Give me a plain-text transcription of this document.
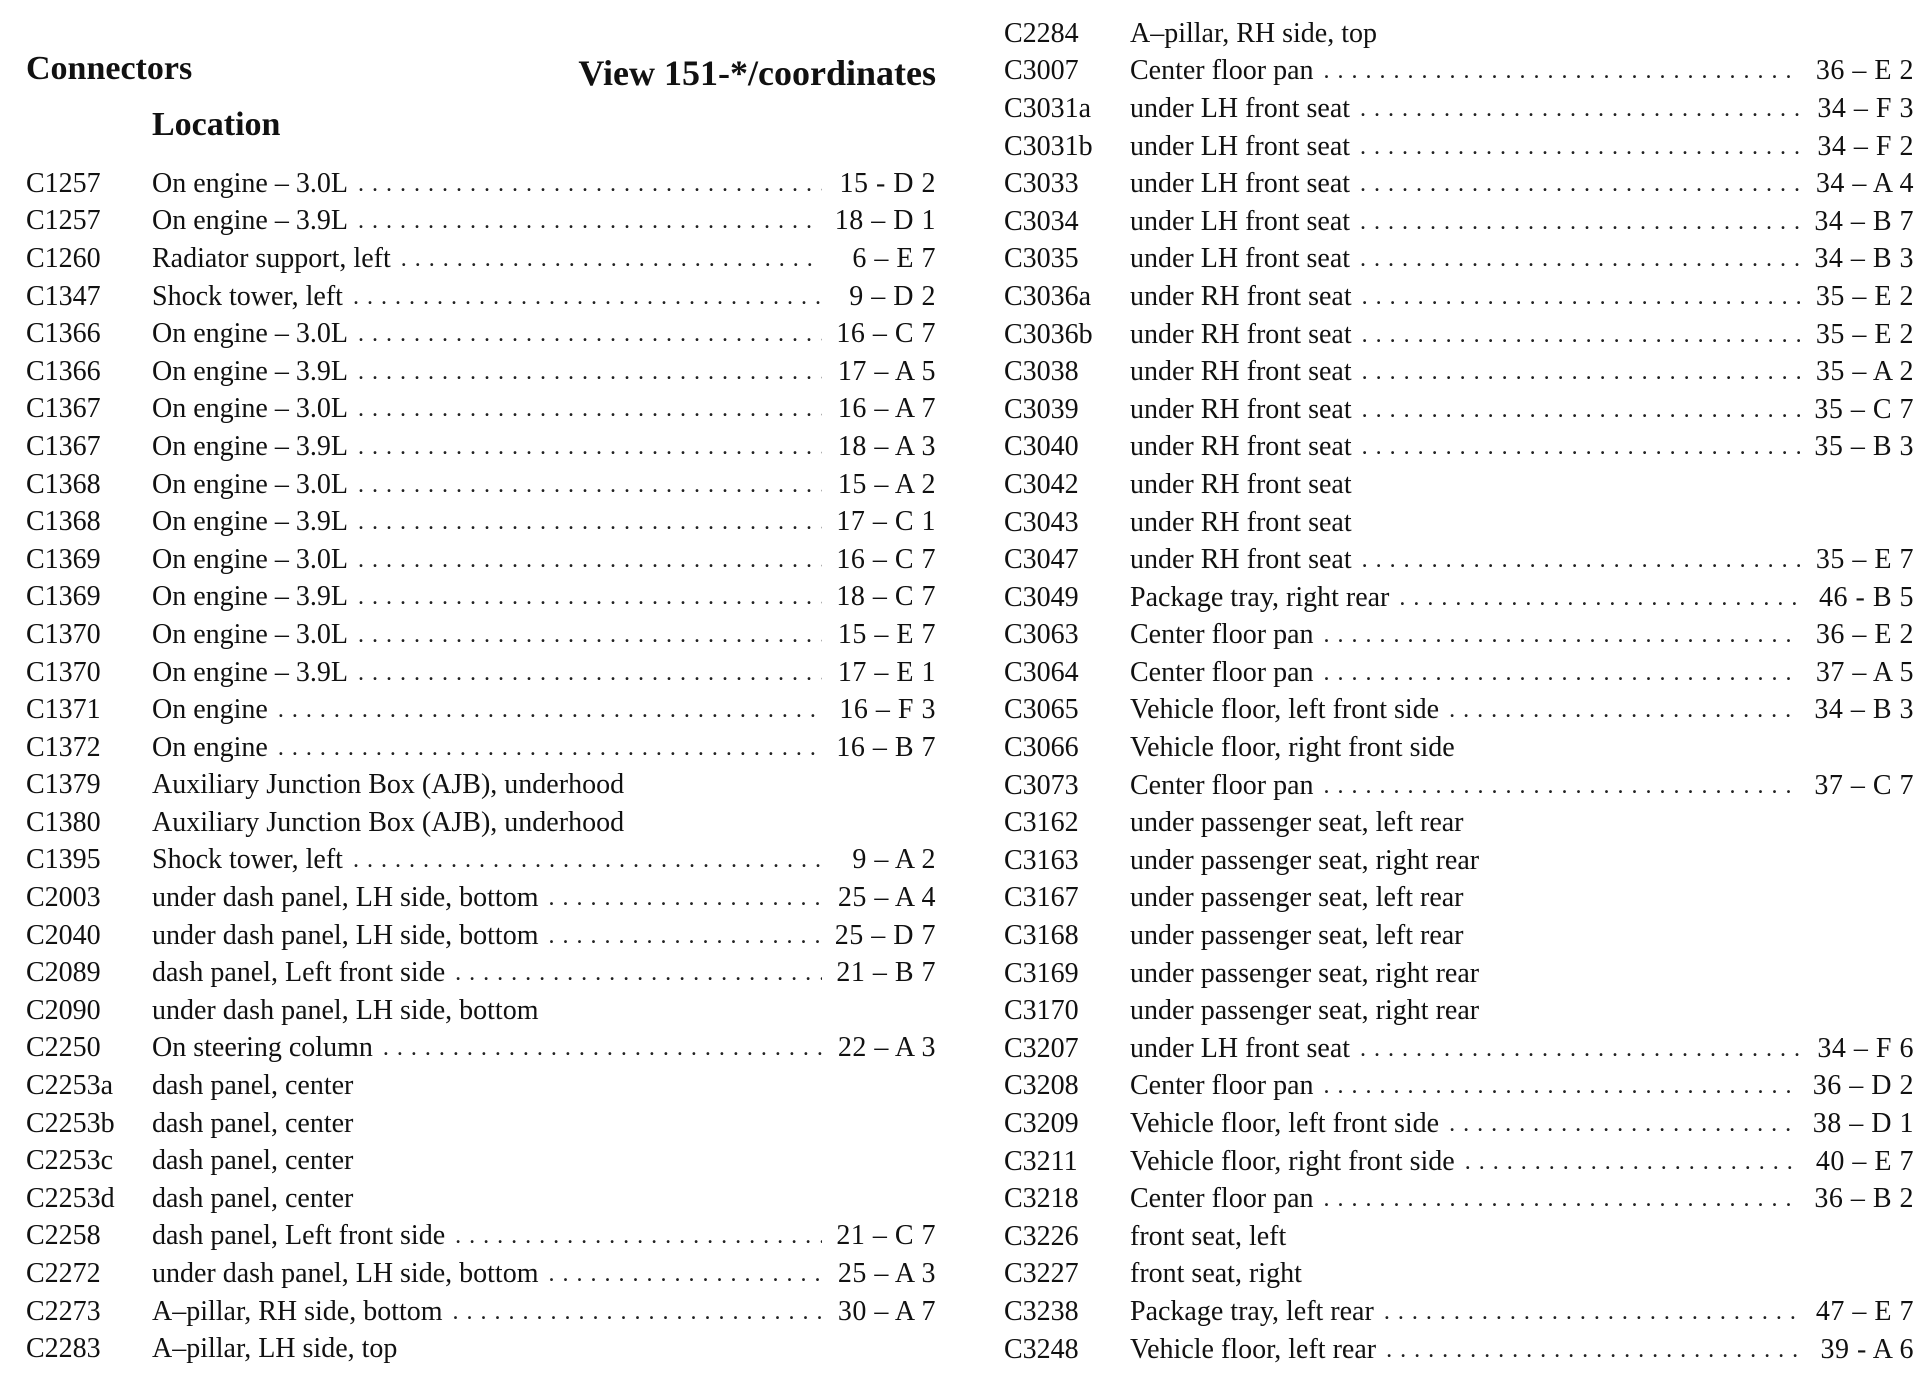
Connectors	View 151-*/coordinates
Location
C1257	On engine – 3.0L . . .	15 - D 2
C1257	On engine – 3.9L . . .	18 – D 1
C1260	Radiator support, left . . .	6 – E 7
C1347	Shock tower, left . . .	9 – D 2
C1366	On engine – 3.0L . . .	16 – C 7
C1366	On engine – 3.9L . . .	17 – A 5
C1367	On engine – 3.0L . . .	16 – A 7
C1367	On engine – 3.9L . . .	18 – A 3
C1368	On engine – 3.0L . . .	15 – A 2
C1368	On engine – 3.9L . . .	17 – C 1
C1369	On engine – 3.0L . . .	16 – C 7
C1369	On engine – 3.9L . . .	18 – C 7
C1370	On engine – 3.0L . . .	15 – E 7
C1370	On engine – 3.9L . . .	17 – E 1
C1371	On engine . . .	16 – F 3
C1372	On engine . . .	16 – B 7
C1379	Auxiliary Junction Box (AJB), underhood
C1380	Auxiliary Junction Box (AJB), underhood
C1395	Shock tower, left . . .	9 – A 2
C2003	under dash panel, LH side, bottom . . .	25 – A 4
C2040	under dash panel, LH side, bottom . . .	25 – D 7
C2089	dash panel, Left front side . . .	21 – B 7
C2090	under dash panel, LH side, bottom
C2250	On steering column . . .	22 – A 3
C2253a	dash panel, center
C2253b	dash panel, center
C2253c	dash panel, center
C2253d	dash panel, center
C2258	dash panel, Left front side . . .	21 – C 7
C2272	under dash panel, LH side, bottom . . .	25 – A 3
C2273	A–pillar, RH side, bottom . . .	30 – A 7
C2283	A–pillar, LH side, top
C2284	A–pillar, RH side, top
C3007	Center floor pan . . .	36 – E 2
C3031a	under LH front seat . . .	34 – F 3
C3031b	under LH front seat . . .	34 – F 2
C3033	under LH front seat . . .	34 – A 4
C3034	under LH front seat . . .	34 – B 7
C3035	under LH front seat . . .	34 – B 3
C3036a	under RH front seat . . .	35 – E 2
C3036b	under RH front seat . . .	35 – E 2
C3038	under RH front seat . . .	35 – A 2
C3039	under RH front seat . . .	35 – C 7
C3040	under RH front seat . . .	35 – B 3
C3042	under RH front seat
C3043	under RH front seat
C3047	under RH front seat . . .	35 – E 7
C3049	Package tray, right rear . . .	46 - B 5
C3063	Center floor pan . . .	36 – E 2
C3064	Center floor pan . . .	37 – A 5
C3065	Vehicle floor, left front side . . .	34 – B 3
C3066	Vehicle floor, right front side
C3073	Center floor pan . . .	37 – C 7
C3162	under passenger seat, left rear
C3163	under passenger seat, right rear
C3167	under passenger seat, left rear
C3168	under passenger seat, left rear
C3169	under passenger seat, right rear
C3170	under passenger seat, right rear
C3207	under LH front seat . . .	34 – F 6
C3208	Center floor pan . . .	36 – D 2
C3209	Vehicle floor, left front side . . .	38 – D 1
C3211	Vehicle floor, right front side . . .	40 – E 7
C3218	Center floor pan . . .	36 – B 2
C3226	front seat, left
C3227	front seat, right
C3238	Package tray, left rear . . .	47 – E 7
C3248	Vehicle floor, left rear . . .	39 - A 6
